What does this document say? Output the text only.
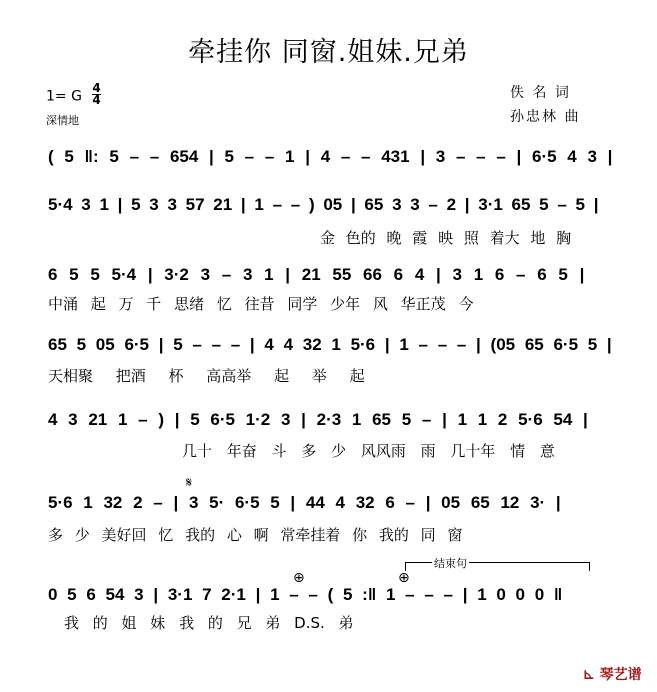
牵挂你 同窗.姐妹.兄弟
1= G $\frac{4}{4}$
深情地
佚 名 词
孙忠林 曲
( 5 ‖: 5 – – 654 | 5 – – 1 | 4 – – 431 | 3 – – – | 6·5 4 3 |
5·4 3 1 | 5 3 3 57 21 | 1 – – ) 05 | 65 3 3 – 2 | 3·1 65 5 – 5 |
金 色的 晚 霞 映 照 着大 地 胸
6 5 5 5·4 | 3·2 3 – 3 1 | 21 55 66 6 4 | 3 1 6 – 6 5 |
中涌 起 万 千 思绪 忆 往昔 同学 少年 风 华正茂 今
65 5 05 6·5 | 5 – – – | 4 4 32 1 5·6 | 1 – – – | (05 65 6·5 5 |
天相聚 把酒 杯 高高举 起 举 起
4 3 21 1 – ) | 5 6·5 1·2 3 | 2·3 1 65 5 – | 1 1 2 5·6 54 |
几十 年奋 斗 多 少 风风雨 雨 几十年 情 意
𝄋
5·6 1 32 2 – | 3 5· 6·5 5 | 44 4 32 6 – | 05 65 12 3· |
多 少 美好回 忆 我的 心 啊 常牵挂着 你 我的 同 窗
结束句
⊕	⊕
0 5 6 54 3 | 3·1 7 2·1 | 1 – – ( 5 :‖ 1 – – – | 1 0 0 0 ‖
我 的 姐 妹 我 的 兄 弟 D.S. 弟
⊾ 琴艺谱
